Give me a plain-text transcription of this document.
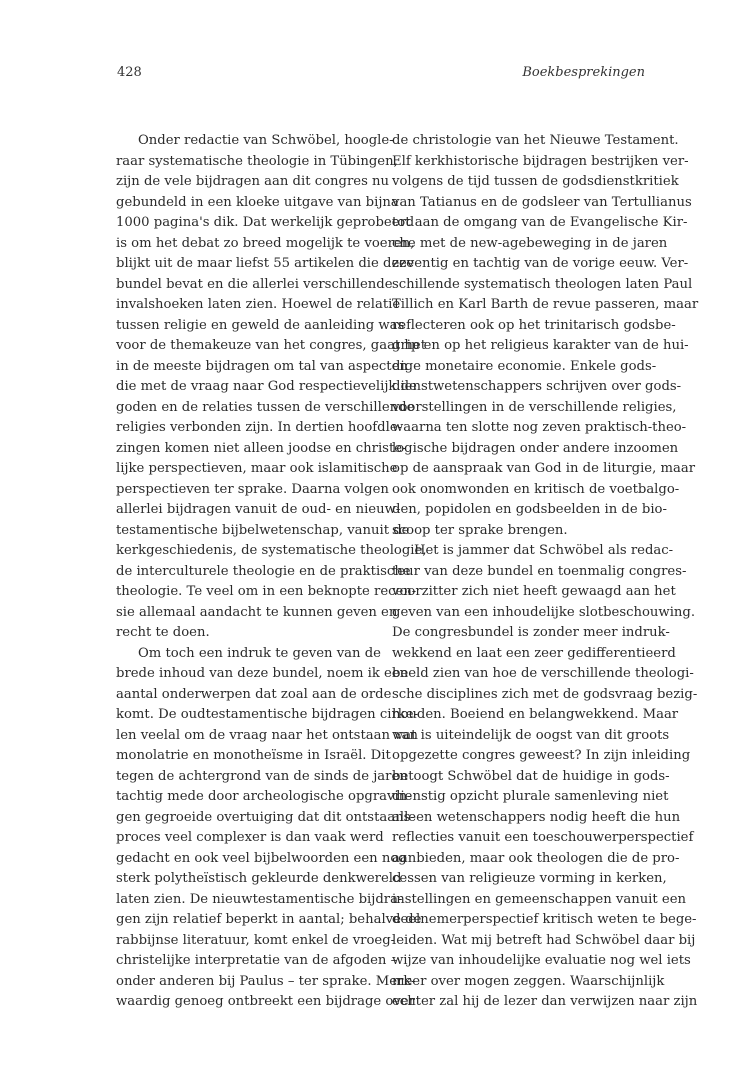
428	Boekbesprekingen
Onder redactie van Schwöbel, hoogle-
raar systematische theologie in Tübingen,
zijn de vele bijdragen aan dit congres nu
gebundeld in een kloeke uitgave van bijna
1000 pagina's dik. Dat werkelijk geprobeerd
is om het debat zo breed mogelijk te voeren,
blijkt uit de maar liefst 55 artikelen die deze
bundel bevat en die allerlei verschillende
invalshoeken laten zien. Hoewel de relatie
tussen religie en geweld de aanleiding was
voor de themakeuze van het congres, gaat het
in de meeste bijdragen om tal van aspecten
die met de vraag naar God respectievelijk de
goden en de relaties tussen de verschillende
religies verbonden zijn. In dertien hoofdle-
zingen komen niet alleen joodse en christe-
lijke perspectieven, maar ook islamitische
perspectieven ter sprake. Daarna volgen
allerlei bijdragen vanuit de oud- en nieuw-
testamentische bijbelwetenschap, vanuit de
kerkgeschiedenis, de systematische theologie,
de interculturele theologie en de praktische
theologie. Te veel om in een beknopte recen-
sie allemaal aandacht te kunnen geven en
recht te doen.
Om toch een indruk te geven van de
brede inhoud van deze bundel, noem ik een
aantal onderwerpen dat zoal aan de orde
komt. De oudtestamentische bijdragen cirke-
len veelal om de vraag naar het ontstaan van
monolatrie en monotheïsme in Israël. Dit
tegen de achtergrond van de sinds de jaren
tachtig mede door archeologische opgravin-
gen gegroeide overtuiging dat dit ontstaans-
proces veel complexer is dan vaak werd
gedacht en ook veel bijbelwoorden een nog
sterk polytheïstisch gekleurde denkwereld
laten zien. De nieuwtestamentische bijdra-
gen zijn relatief beperkt in aantal; behalve de
rabbijnse literatuur, komt enkel de vroeg-
christelijke interpretatie van de afgoden –
onder anderen bij Paulus – ter sprake. Merk-
waardig genoeg ontbreekt een bijdrage over
de christologie van het Nieuwe Testament.
Elf kerkhistorische bijdragen bestrijken ver-
volgens de tijd tussen de godsdienstkritiek
van Tatianus en de godsleer van Tertullianus
tot aan de omgang van de Evangelische Kir-
che met de new-agebeweging in de jaren
zeventig en tachtig van de vorige eeuw. Ver-
schillende systematisch theologen laten Paul
Tillich en Karl Barth de revue passeren, maar
reflecteren ook op het trinitarisch godsbe-
grip en op het religieus karakter van de hui-
dige monetaire economie. Enkele gods-
dienstwetenschappers schrijven over gods-
voorstellingen in de verschillende religies,
waarna ten slotte nog zeven praktisch-theo-
logische bijdragen onder andere inzoomen
op de aanspraak van God in de liturgie, maar
ook onomwonden en kritisch de voetbalgo-
den, popidolen en godsbeelden in de bio-
scoop ter sprake brengen.
Het is jammer dat Schwöbel als redac-
teur van deze bundel en toenmalig congres-
voorzitter zich niet heeft gewaagd aan het
geven van een inhoudelijke slotbeschouwing.
De congresbundel is zonder meer indruk-
wekkend en laat een zeer gedifferentieerd
beeld zien van hoe de verschillende theologi-
sche disciplines zich met de godsvraag bezig-
houden. Boeiend en belangwekkend. Maar
wat is uiteindelijk de oogst van dit groots
opgezette congres geweest? In zijn inleiding
betoogt Schwöbel dat de huidige in gods-
dienstig opzicht plurale samenleving niet
alleen wetenschappers nodig heeft die hun
reflecties vanuit een toeschouwerperspectief
aanbieden, maar ook theologen die de pro-
cessen van religieuze vorming in kerken,
instellingen en gemeenschappen vanuit een
deelnemerperspectief kritisch weten te bege-
leiden. Wat mij betreft had Schwöbel daar bij
wijze van inhoudelijke evaluatie nog wel iets
meer over mogen zeggen. Waarschijnlijk
echter zal hij de lezer dan verwijzen naar zijn
